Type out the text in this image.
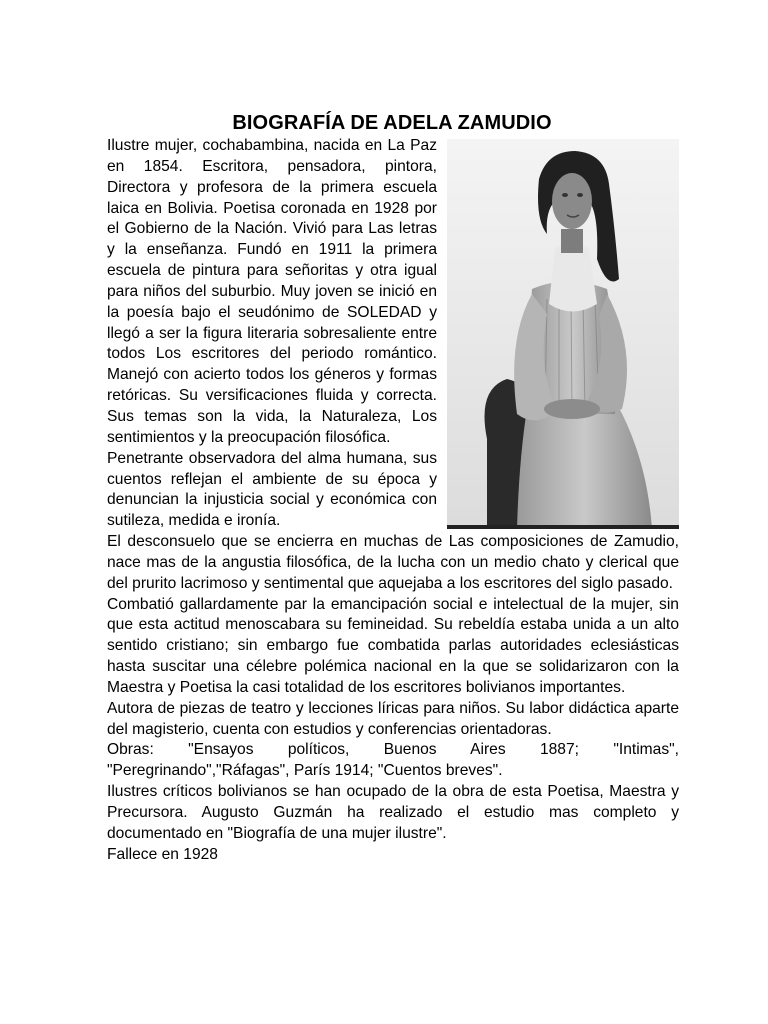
BIOGRAFÍA DE ADELA ZAMUDIO

Ilustre mujer, cochabambina, nacida en La Paz en 1854. Escritora, pensadora, pintora, Directora y profesora de la primera escuela laica en Bolivia. Poetisa coronada en 1928 por el Gobierno de la Nación. Vivió para Las letras y la enseñanza. Fundó en 1911 la primera escuela de pintura para señoritas y otra igual para niños del suburbio. Muy joven se inició en la poesía bajo el seudónimo de SOLEDAD y llegó a ser la figura literaria sobresaliente entre todos Los escritores del periodo romántico. Manejó con acierto todos los géneros y formas retóricas. Su versificaciones fluida y correcta. Sus temas son la vida, la Naturaleza, Los sentimientos y la preocupación filosófica.

Penetrante observadora del alma humana, sus cuentos reflejan el ambiente de su época y denuncian la injusticia social y económica con sutileza, medida e ironía.

El desconsuelo que se encierra en muchas de Las composiciones de Zamudio, nace mas de la angustia filosófica, de la lucha con un medio chato y clerical que del prurito lacrimoso y sentimental que aquejaba a los escritores del siglo pasado.

Combatió gallardamente par la emancipación social e intelectual de la mujer, sin que esta actitud menoscabara su femineidad. Su rebeldía estaba unida a un alto sentido cristiano; sin embargo fue combatida parlas autoridades eclesiásticas hasta suscitar una célebre polémica nacional en la que se solidarizaron con la Maestra y Poetisa la casi totalidad de los escritores bolivianos importantes.

Autora de piezas de teatro y lecciones líricas para niños. Su labor didáctica aparte del magisterio, cuenta con estudios y conferencias orientadoras.

Obras: "Ensayos políticos, Buenos Aires 1887; "Intimas", "Peregrinando","Ráfagas", París 1914; "Cuentos breves".

Ilustres críticos bolivianos se han ocupado de la obra de esta Poetisa, Maestra y Precursora. Augusto Guzmán ha realizado el estudio mas completo y documentado en "Biografía de una mujer ilustre".

Fallece en 1928
